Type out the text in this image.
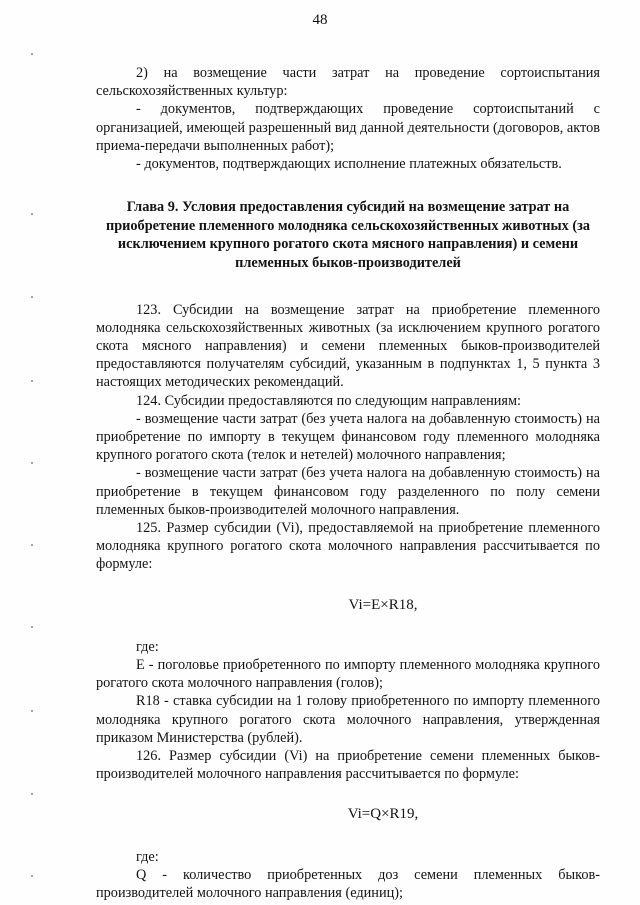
48

2) на возмещение части затрат на проведение сортоиспытания сельскохозяйственных культур:

- документов, подтверждающих проведение сортоиспытаний с организацией, имеющей разрешенный вид данной деятельности (договоров, актов приема-передачи выполненных работ);

- документов, подтверждающих исполнение платежных обязательств.

Глава 9. Условия предоставления субсидий на возмещение затрат на приобретение племенного молодняка сельскохозяйственных животных (за исключением крупного рогатого скота мясного направления) и семени племенных быков-производителей

123. Субсидии на возмещение затрат на приобретение племенного молодняка сельскохозяйственных животных (за исключением крупного рогатого скота мясного направления) и семени племенных быков-производителей предоставляются получателям субсидий, указанным в подпунктах 1, 5 пункта 3 настоящих методических рекомендаций.

124. Субсидии предоставляются по следующим направлениям:

- возмещение части затрат (без учета налога на добавленную стоимость) на приобретение по импорту в текущем финансовом году племенного молодняка крупного рогатого скота (телок и нетелей) молочного направления;

- возмещение части затрат (без учета налога на добавленную стоимость) на приобретение в текущем финансовом году разделенного по полу семени племенных быков-производителей молочного направления.

125. Размер субсидии (Vi), предоставляемой на приобретение племенного молодняка крупного рогатого скота молочного направления рассчитывается по формуле:

Vi=E×R18,

где:

Е - поголовье приобретенного по импорту племенного молодняка крупного рогатого скота молочного направления (голов);

R18 - ставка субсидии на 1 голову приобретенного по импорту племенного молодняка крупного рогатого скота молочного направления, утвержденная приказом Министерства (рублей).

126. Размер субсидии (Vi) на приобретение семени племенных быков-производителей молочного направления рассчитывается по формуле:

Vi=Q×R19,

где:

Q - количество приобретенных доз семени племенных быков-производителей молочного направления (единиц);
